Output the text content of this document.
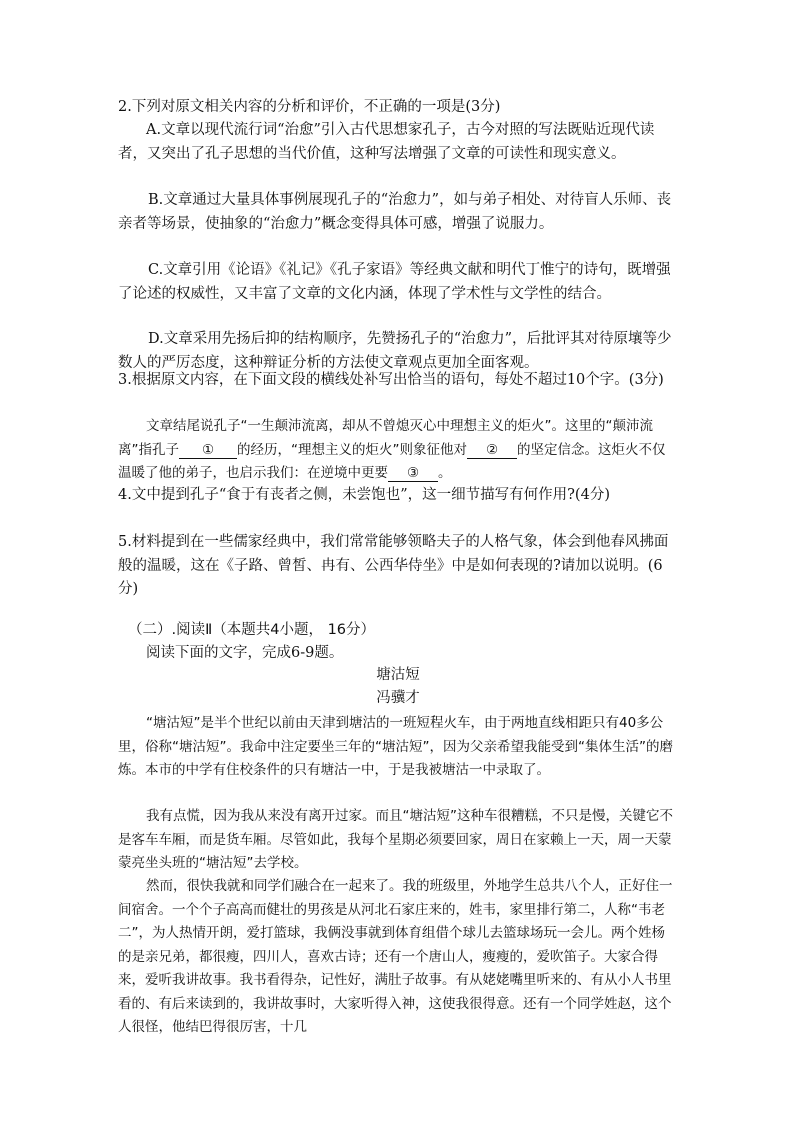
2.下列对原文相关内容的分析和评价，不正确的一项是(3分)

A.文章以现代流行词“治愈”引入古代思想家孔子，古今对照的写法既贴近现代读者，又突出了孔子思想的当代价值，这种写法增强了文章的可读性和现实意义。

B.文章通过大量具体事例展现孔子的“治愈力”，如与弟子相处、对待盲人乐师、丧亲者等场景，使抽象的“治愈力”概念变得具体可感，增强了说服力。

C.文章引用《论语》《礼记》《孔子家语》等经典文献和明代丁惟宁的诗句，既增强了论述的权威性，又丰富了文章的文化内涵，体现了学术性与文学性的结合。

D.文章采用先扬后抑的结构顺序，先赞扬孔子的“治愈力”，后批评其对待原壤等少数人的严厉态度，这种辩证分析的方法使文章观点更加全面客观。

3.根据原文内容，在下面文段的横线处补写出恰当的语句，每处不超过10个字。(3分)

文章结尾说孔子“一生颠沛流离，却从不曾熄灭心中理想主义的炬火”。这里的“颠沛流离”指孔子 ① 的经历，“理想主义的炬火”则象征他对 ② 的坚定信念。这炬火不仅温暖了他的弟子，也启示我们：在逆境中更要 ③ 。

4.文中提到孔子“食于有丧者之侧，未尝饱也”，这一细节描写有何作用?(4分)

5.材料提到在一些儒家经典中，我们常常能够领略夫子的人格气象，体会到他春风拂面般的温暖，这在《子路、曾皙、冉有、公西华侍坐》中是如何表现的?请加以说明。(6分)

（二）.阅读Ⅱ（本题共4小题， 16分）

阅读下面的文字，完成6-9题。

塘沽短

冯骥才

“塘沽短”是半个世纪以前由天津到塘沽的一班短程火车，由于两地直线相距只有40多公里，俗称“塘沽短”。我命中注定要坐三年的“塘沽短”，因为父亲希望我能受到“集体生活”的磨炼。本市的中学有住校条件的只有塘沽一中，于是我被塘沽一中录取了。

我有点慌，因为我从来没有离开过家。而且“塘沽短”这种车很糟糕，不只是慢，关键它不是客车车厢，而是货车厢。尽管如此，我每个星期必须要回家，周日在家赖上一天，周一天蒙蒙亮坐头班的“塘沽短”去学校。

然而，很快我就和同学们融合在一起来了。我的班级里，外地学生总共八个人，正好住一间宿舍。一个个子高高而健壮的男孩是从河北石家庄来的，姓韦，家里排行第二，人称“韦老二”，为人热情开朗，爱打篮球，我俩没事就到体育组借个球儿去篮球场玩一会儿。两个姓杨的是亲兄弟，都很瘦，四川人，喜欢古诗；还有一个唐山人，瘦瘦的，爱吹笛子。大家合得来，爱听我讲故事。我书看得杂，记性好，满肚子故事。有从姥姥嘴里听来的、有从小人书里看的、有后来读到的，我讲故事时，大家听得入神，这使我很得意。还有一个同学姓赵，这个人很怪，他结巴得很厉害，十几
